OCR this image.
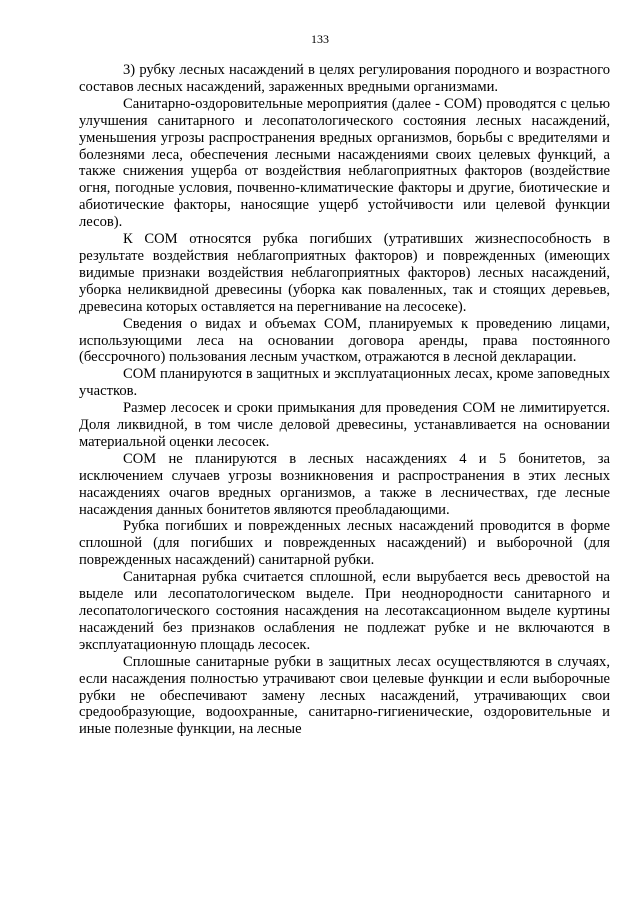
133

3) рубку лесных насаждений в целях регулирования породного и возрастного составов лесных насаждений, зараженных вредными организмами.

Санитарно-оздоровительные мероприятия (далее - СОМ) проводятся с целью улучшения санитарного и лесопатологического состояния лесных насаждений, уменьшения угрозы распространения вредных организмов, борьбы с вредителями и болезнями леса, обеспечения лесными насаждениями своих целевых функций, а также снижения ущерба от воздействия неблагоприятных факторов (воздействие огня, погодные условия, почвенно-климатические факторы и другие, биотические и абиотические факторы, наносящие ущерб устойчивости или целевой функции лесов).

К СОМ относятся рубка погибших (утративших жизнеспособность в результате воздействия неблагоприятных факторов) и поврежденных (имеющих видимые признаки воздействия неблагоприятных факторов) лесных насаждений, уборка неликвидной древесины (уборка как поваленных, так и стоящих деревьев, древесина которых оставляется на перегнивание на лесосеке).

Сведения о видах и объемах СОМ, планируемых к проведению лицами, использующими леса на основании договора аренды, права постоянного (бессрочного) пользования лесным участком, отражаются в лесной декларации.

СОМ планируются в защитных и эксплуатационных лесах, кроме заповедных участков.

Размер лесосек и сроки примыкания для проведения СОМ не лимитируется. Доля ликвидной, в том числе деловой древесины, устанавливается на основании материальной оценки лесосек.

СОМ не планируются в лесных насаждениях 4 и 5 бонитетов, за исключением случаев угрозы возникновения и распространения в этих лесных насаждениях очагов вредных организмов, а также в лесничествах, где лесные насаждения данных бонитетов являются преобладающими.

Рубка погибших и поврежденных лесных насаждений проводится в форме сплошной (для погибших и поврежденных насаждений) и выборочной (для поврежденных насаждений) санитарной рубки.

Санитарная рубка считается сплошной, если вырубается весь древостой на выделе или лесопатологическом выделе. При неоднородности санитарного и лесопатологического состояния насаждения на лесотаксационном выделе куртины насаждений без признаков ослабления не подлежат рубке и не включаются в эксплуатационную площадь лесосек.

Сплошные санитарные рубки в защитных лесах осуществляются в случаях, если насаждения полностью утрачивают свои целевые функции и если выборочные рубки не обеспечивают замену лесных насаждений, утрачивающих свои средообразующие, водоохранные, санитарно-гигиенические, оздоровительные и иные полезные функции, на лесные
